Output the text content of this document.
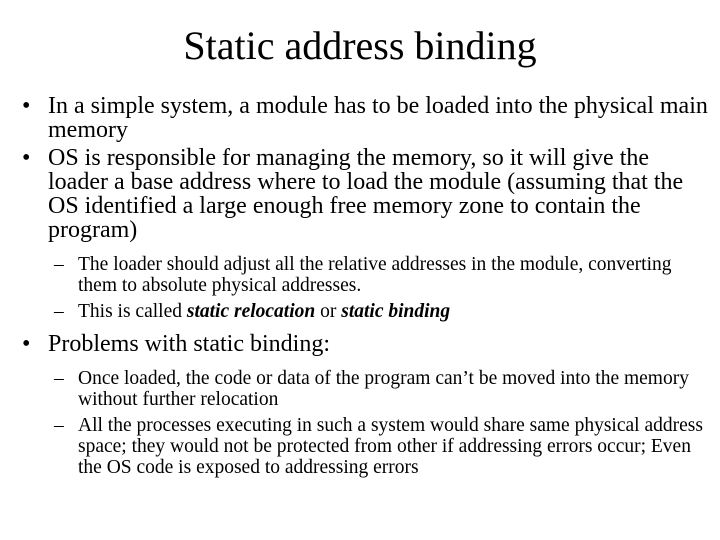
Static address binding
• In a simple system, a module has to be loaded into the physical main memory
• OS is responsible for managing the memory, so it will give the loader a base address where to load the module (assuming that the OS identified a large enough free memory zone to contain the program)
– The loader should adjust all the relative addresses in the module, converting them to absolute physical addresses.
– This is called static relocation or static binding
• Problems with static binding:
– Once loaded, the code or data of the program can’t be moved into the memory without further relocation
– All the processes executing in such a system would share same physical address space; they would not be protected from other if addressing errors occur; Even the OS code is exposed to addressing errors
